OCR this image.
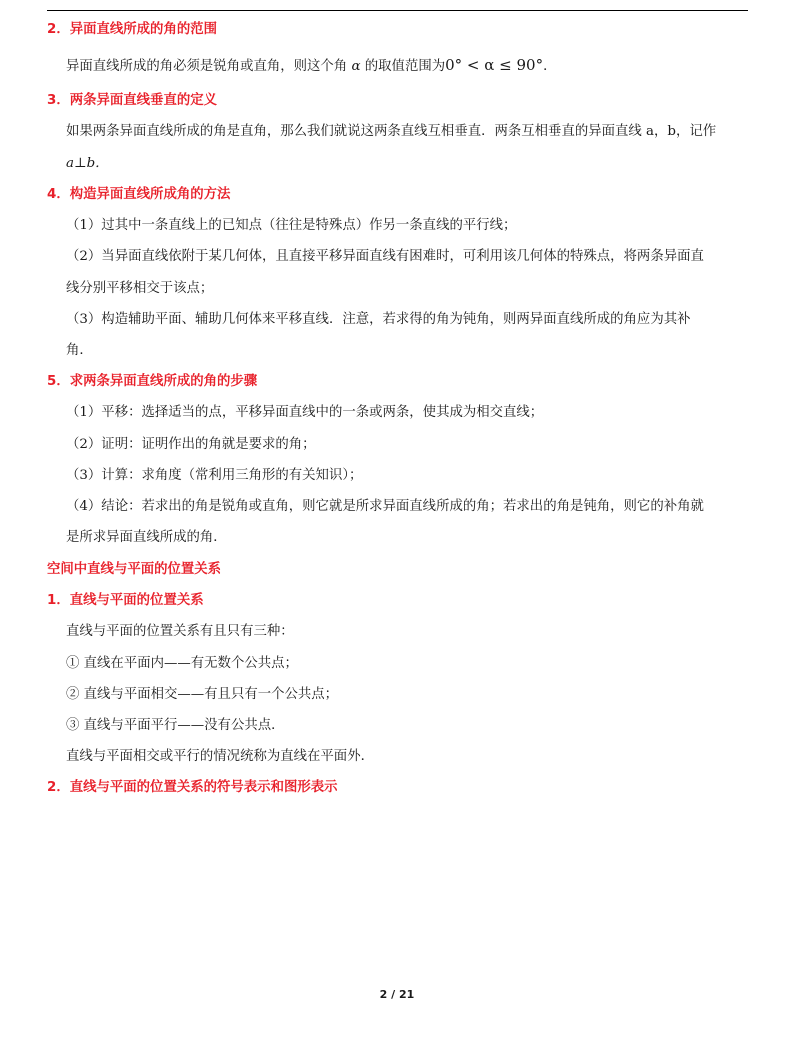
2．异面直线所成的角的范围
异面直线所成的角必须是锐角或直角，则这个角 α 的取值范围为0° < α ≤ 90°．
3．两条异面直线垂直的定义
如果两条异面直线所成的角是直角，那么我们就说这两条直线互相垂直．两条互相垂直的异面直线 a，b，记作
a⊥b．
4．构造异面直线所成角的方法
（1）过其中一条直线上的已知点（往往是特殊点）作另一条直线的平行线；
（2）当异面直线依附于某几何体，且直接平移异面直线有困难时，可利用该几何体的特殊点，将两条异面直
线分别平移相交于该点；
（3）构造辅助平面、辅助几何体来平移直线．注意，若求得的角为钝角，则两异面直线所成的角应为其补
角．
5．求两条异面直线所成的角的步骤
（1）平移：选择适当的点，平移异面直线中的一条或两条，使其成为相交直线；
（2）证明：证明作出的角就是要求的角；
（3）计算：求角度（常利用三角形的有关知识）；
（4）结论：若求出的角是锐角或直角，则它就是所求异面直线所成的角；若求出的角是钝角，则它的补角就
是所求异面直线所成的角．
空间中直线与平面的位置关系
1．直线与平面的位置关系
直线与平面的位置关系有且只有三种：
① 直线在平面内——有无数个公共点；
② 直线与平面相交——有且只有一个公共点；
③ 直线与平面平行——没有公共点．
直线与平面相交或平行的情况统称为直线在平面外．
2．直线与平面的位置关系的符号表示和图形表示
2 / 21
